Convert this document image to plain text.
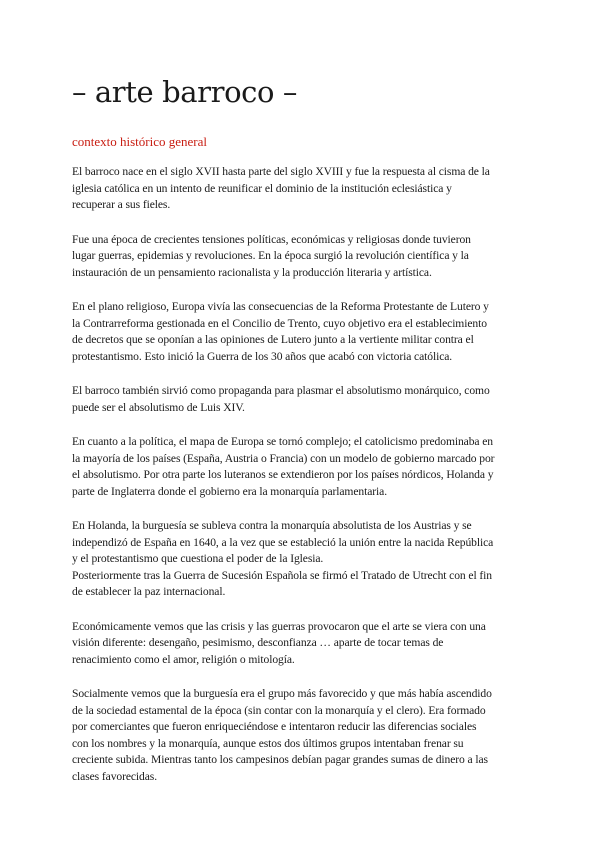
– arte barroco –
contexto histórico general

El barroco nace en el siglo XVII hasta parte del siglo XVIII y fue la respuesta al cisma de la
iglesia católica en un intento de reunificar el dominio de la institución eclesiástica y
recuperar a sus fieles.

Fue una época de crecientes tensiones políticas, económicas y religiosas donde tuvieron
lugar guerras, epidemias y revoluciones. En la época surgió la revolución científica y la
instauración de un pensamiento racionalista y la producción literaria y artística.

En el plano religioso, Europa vivía las consecuencias de la Reforma Protestante de Lutero y
la Contrarreforma gestionada en el Concilio de Trento, cuyo objetivo era el establecimiento
de decretos que se oponían a las opiniones de Lutero junto a la vertiente militar contra el
protestantismo. Esto inició la Guerra de los 30 años que acabó con victoria católica.

El barroco también sirvió como propaganda para plasmar el absolutismo monárquico, como
puede ser el absolutismo de Luis XIV.

En cuanto a la política, el mapa de Europa se tornó complejo; el catolicismo predominaba en
la mayoría de los países (España, Austria o Francia) con un modelo de gobierno marcado por
el absolutismo. Por otra parte los luteranos se extendieron por los países nórdicos, Holanda y
parte de Inglaterra donde el gobierno era la monarquía parlamentaria.

En Holanda, la burguesía se subleva contra la monarquía absolutista de los Austrias y se
independizó de España en 1640, a la vez que se estableció la unión entre la nacida República
y el protestantismo que cuestiona el poder de la Iglesia.
Posteriormente tras la Guerra de Sucesión Española se firmó el Tratado de Utrecht con el fin
de establecer la paz internacional.

Económicamente vemos que las crisis y las guerras provocaron que el arte se viera con una
visión diferente: desengaño, pesimismo, desconfianza … aparte de tocar temas de
renacimiento como el amor, religión o mitología.

Socialmente vemos que la burguesía era el grupo más favorecido y que más había ascendido
de la sociedad estamental de la época (sin contar con la monarquía y el clero). Era formado
por comerciantes que fueron enriqueciéndose e intentaron reducir las diferencias sociales
con los nombres y la monarquía, aunque estos dos últimos grupos intentaban frenar su
creciente subida. Mientras tanto los campesinos debían pagar grandes sumas de dinero a las
clases favorecidas.
